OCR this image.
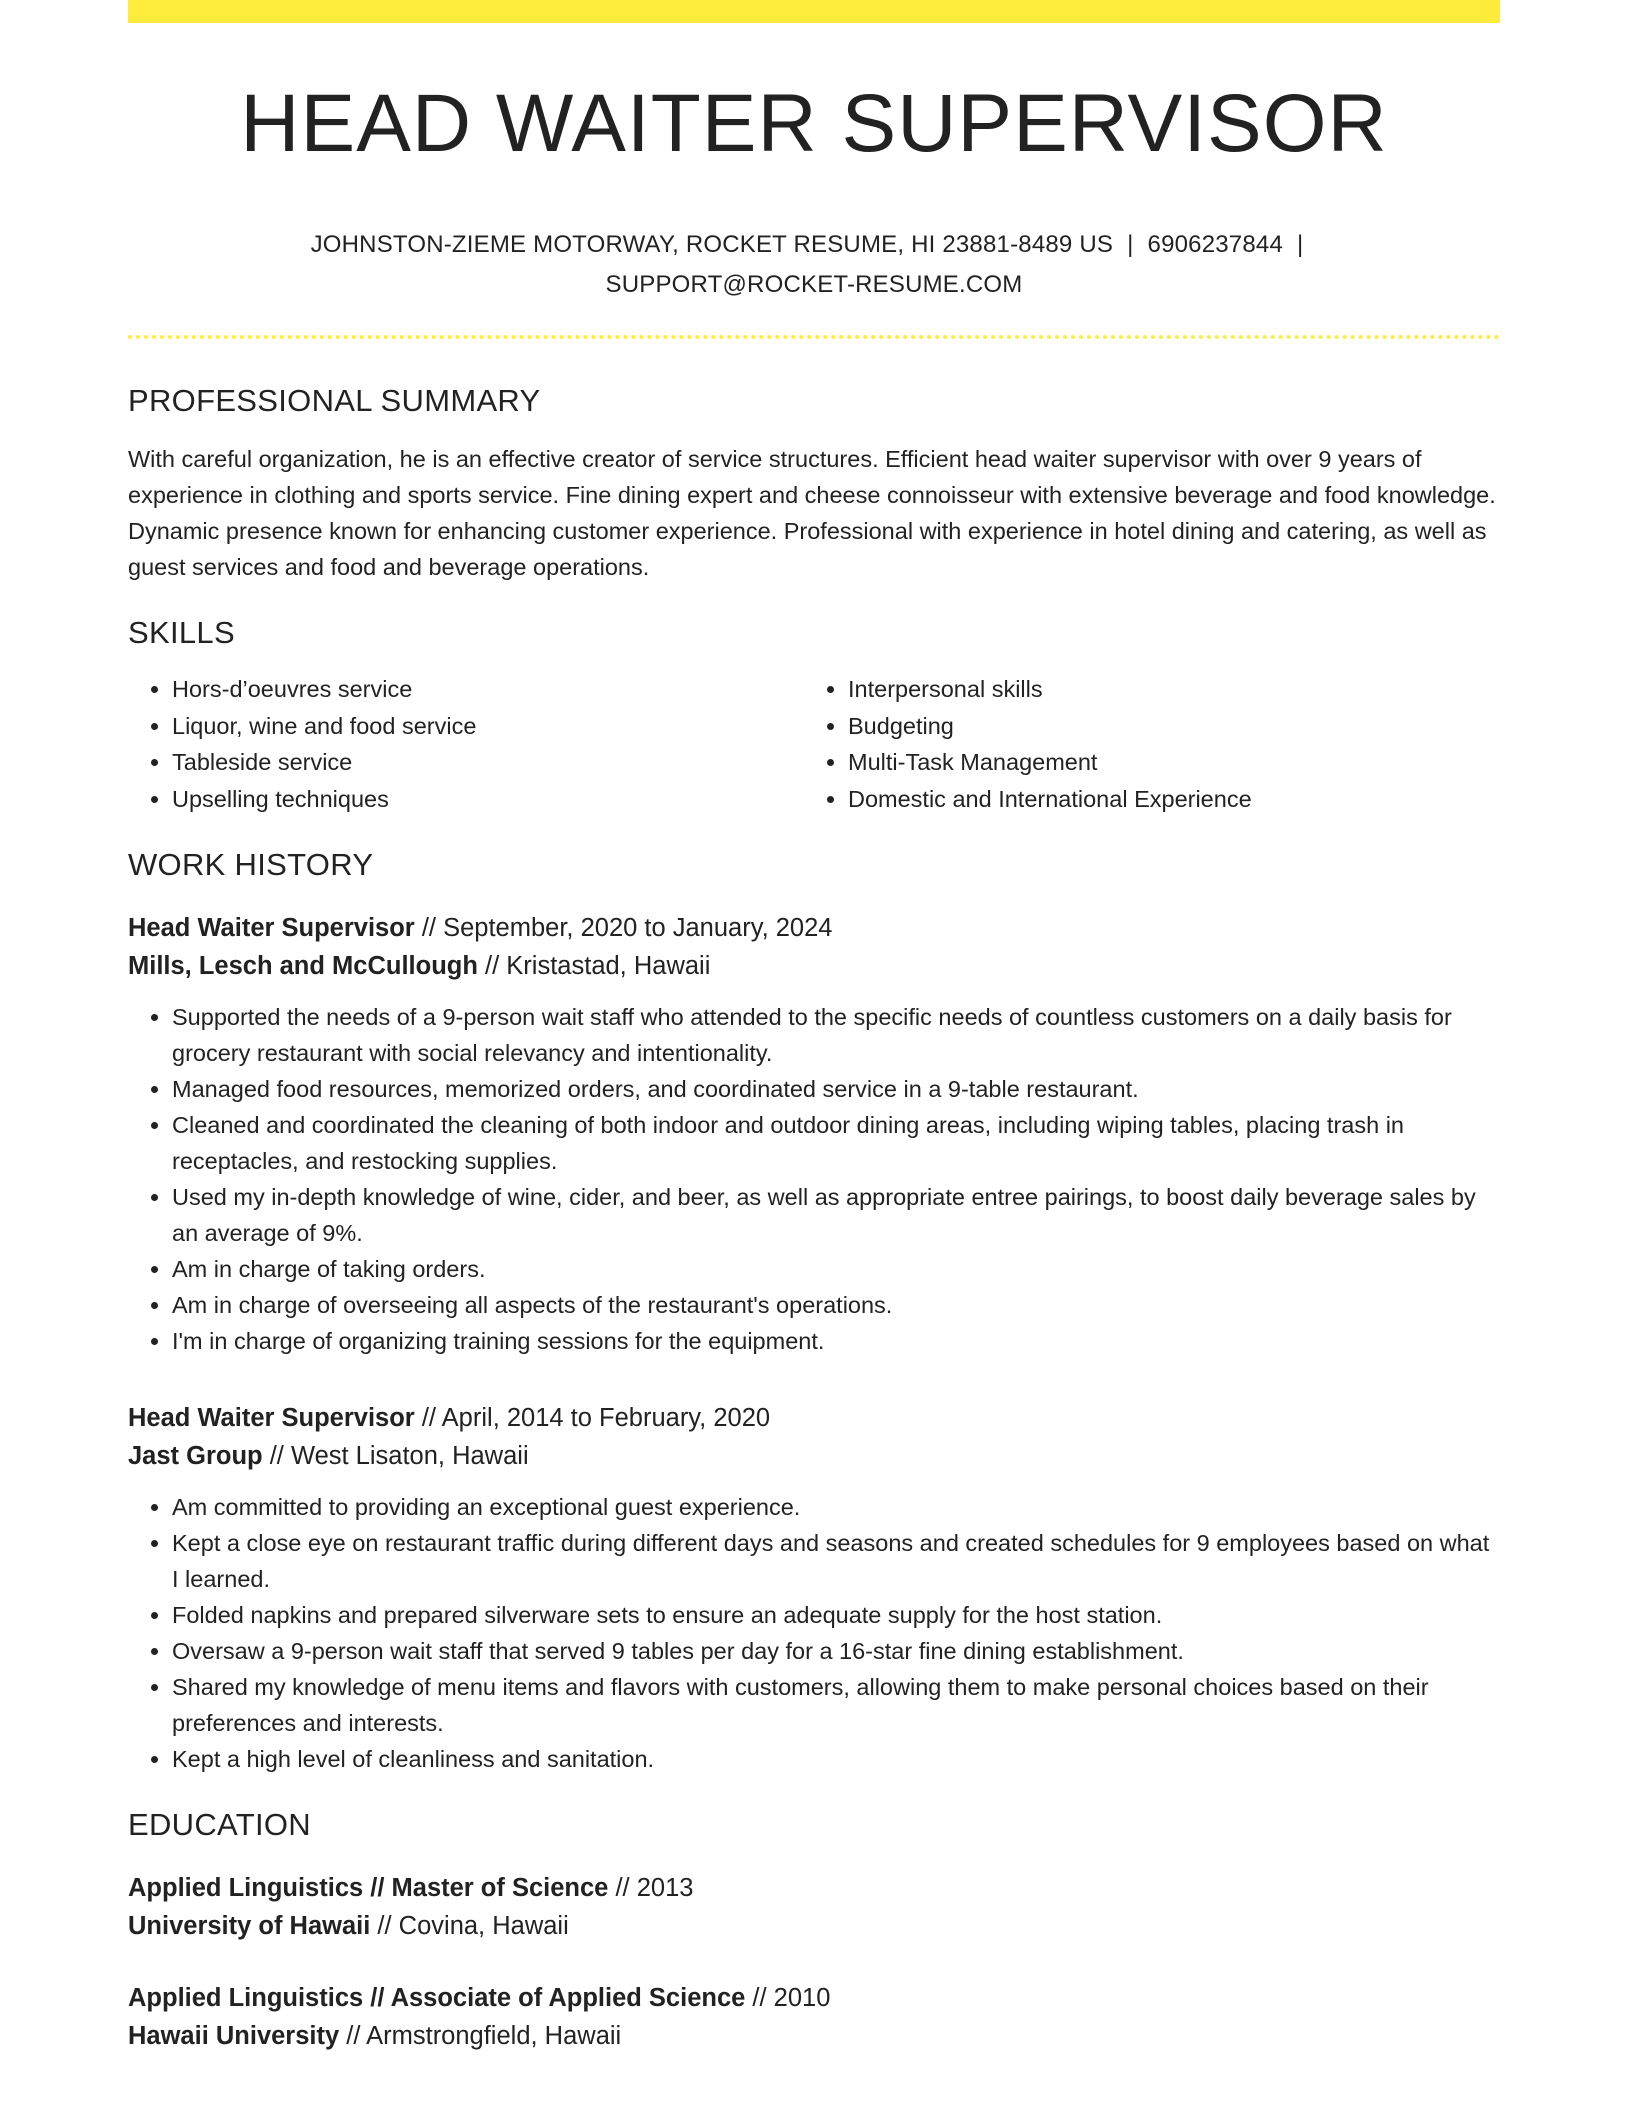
HEAD WAITER SUPERVISOR
JOHNSTON-ZIEME MOTORWAY, ROCKET RESUME, HI 23881-8489 US | 6906237844 |
SUPPORT@ROCKET-RESUME.COM
PROFESSIONAL SUMMARY

With careful organization, he is an effective creator of service structures. Efficient head waiter supervisor with over 9 years of experience in clothing and sports service. Fine dining expert and cheese connoisseur with extensive beverage and food knowledge. Dynamic presence known for enhancing customer experience. Professional with experience in hotel dining and catering, as well as guest services and food and beverage operations.

SKILLS
• Hors-d’oeuvres service
• Liquor, wine and food service
• Tableside service
• Upselling techniques
• Interpersonal skills
• Budgeting
• Multi-Task Management
• Domestic and International Experience
WORK HISTORY
Head Waiter Supervisor // September, 2020 to January, 2024
Mills, Lesch and McCullough // Kristastad, Hawaii
• Supported the needs of a 9-person wait staff who attended to the specific needs of countless customers on a daily basis for grocery restaurant with social relevancy and intentionality.
• Managed food resources, memorized orders, and coordinated service in a 9-table restaurant.
• Cleaned and coordinated the cleaning of both indoor and outdoor dining areas, including wiping tables, placing trash in receptacles, and restocking supplies.
• Used my in-depth knowledge of wine, cider, and beer, as well as appropriate entree pairings, to boost daily beverage sales by an average of 9%.
• Am in charge of taking orders.
• Am in charge of overseeing all aspects of the restaurant's operations.
• I'm in charge of organizing training sessions for the equipment.
Head Waiter Supervisor // April, 2014 to February, 2020
Jast Group // West Lisaton, Hawaii
• Am committed to providing an exceptional guest experience.
• Kept a close eye on restaurant traffic during different days and seasons and created schedules for 9 employees based on what I learned.
• Folded napkins and prepared silverware sets to ensure an adequate supply for the host station.
• Oversaw a 9-person wait staff that served 9 tables per day for a 16-star fine dining establishment.
• Shared my knowledge of menu items and flavors with customers, allowing them to make personal choices based on their preferences and interests.
• Kept a high level of cleanliness and sanitation.
EDUCATION
Applied Linguistics // Master of Science // 2013
University of Hawaii // Covina, Hawaii
Applied Linguistics // Associate of Applied Science // 2010
Hawaii University // Armstrongfield, Hawaii
